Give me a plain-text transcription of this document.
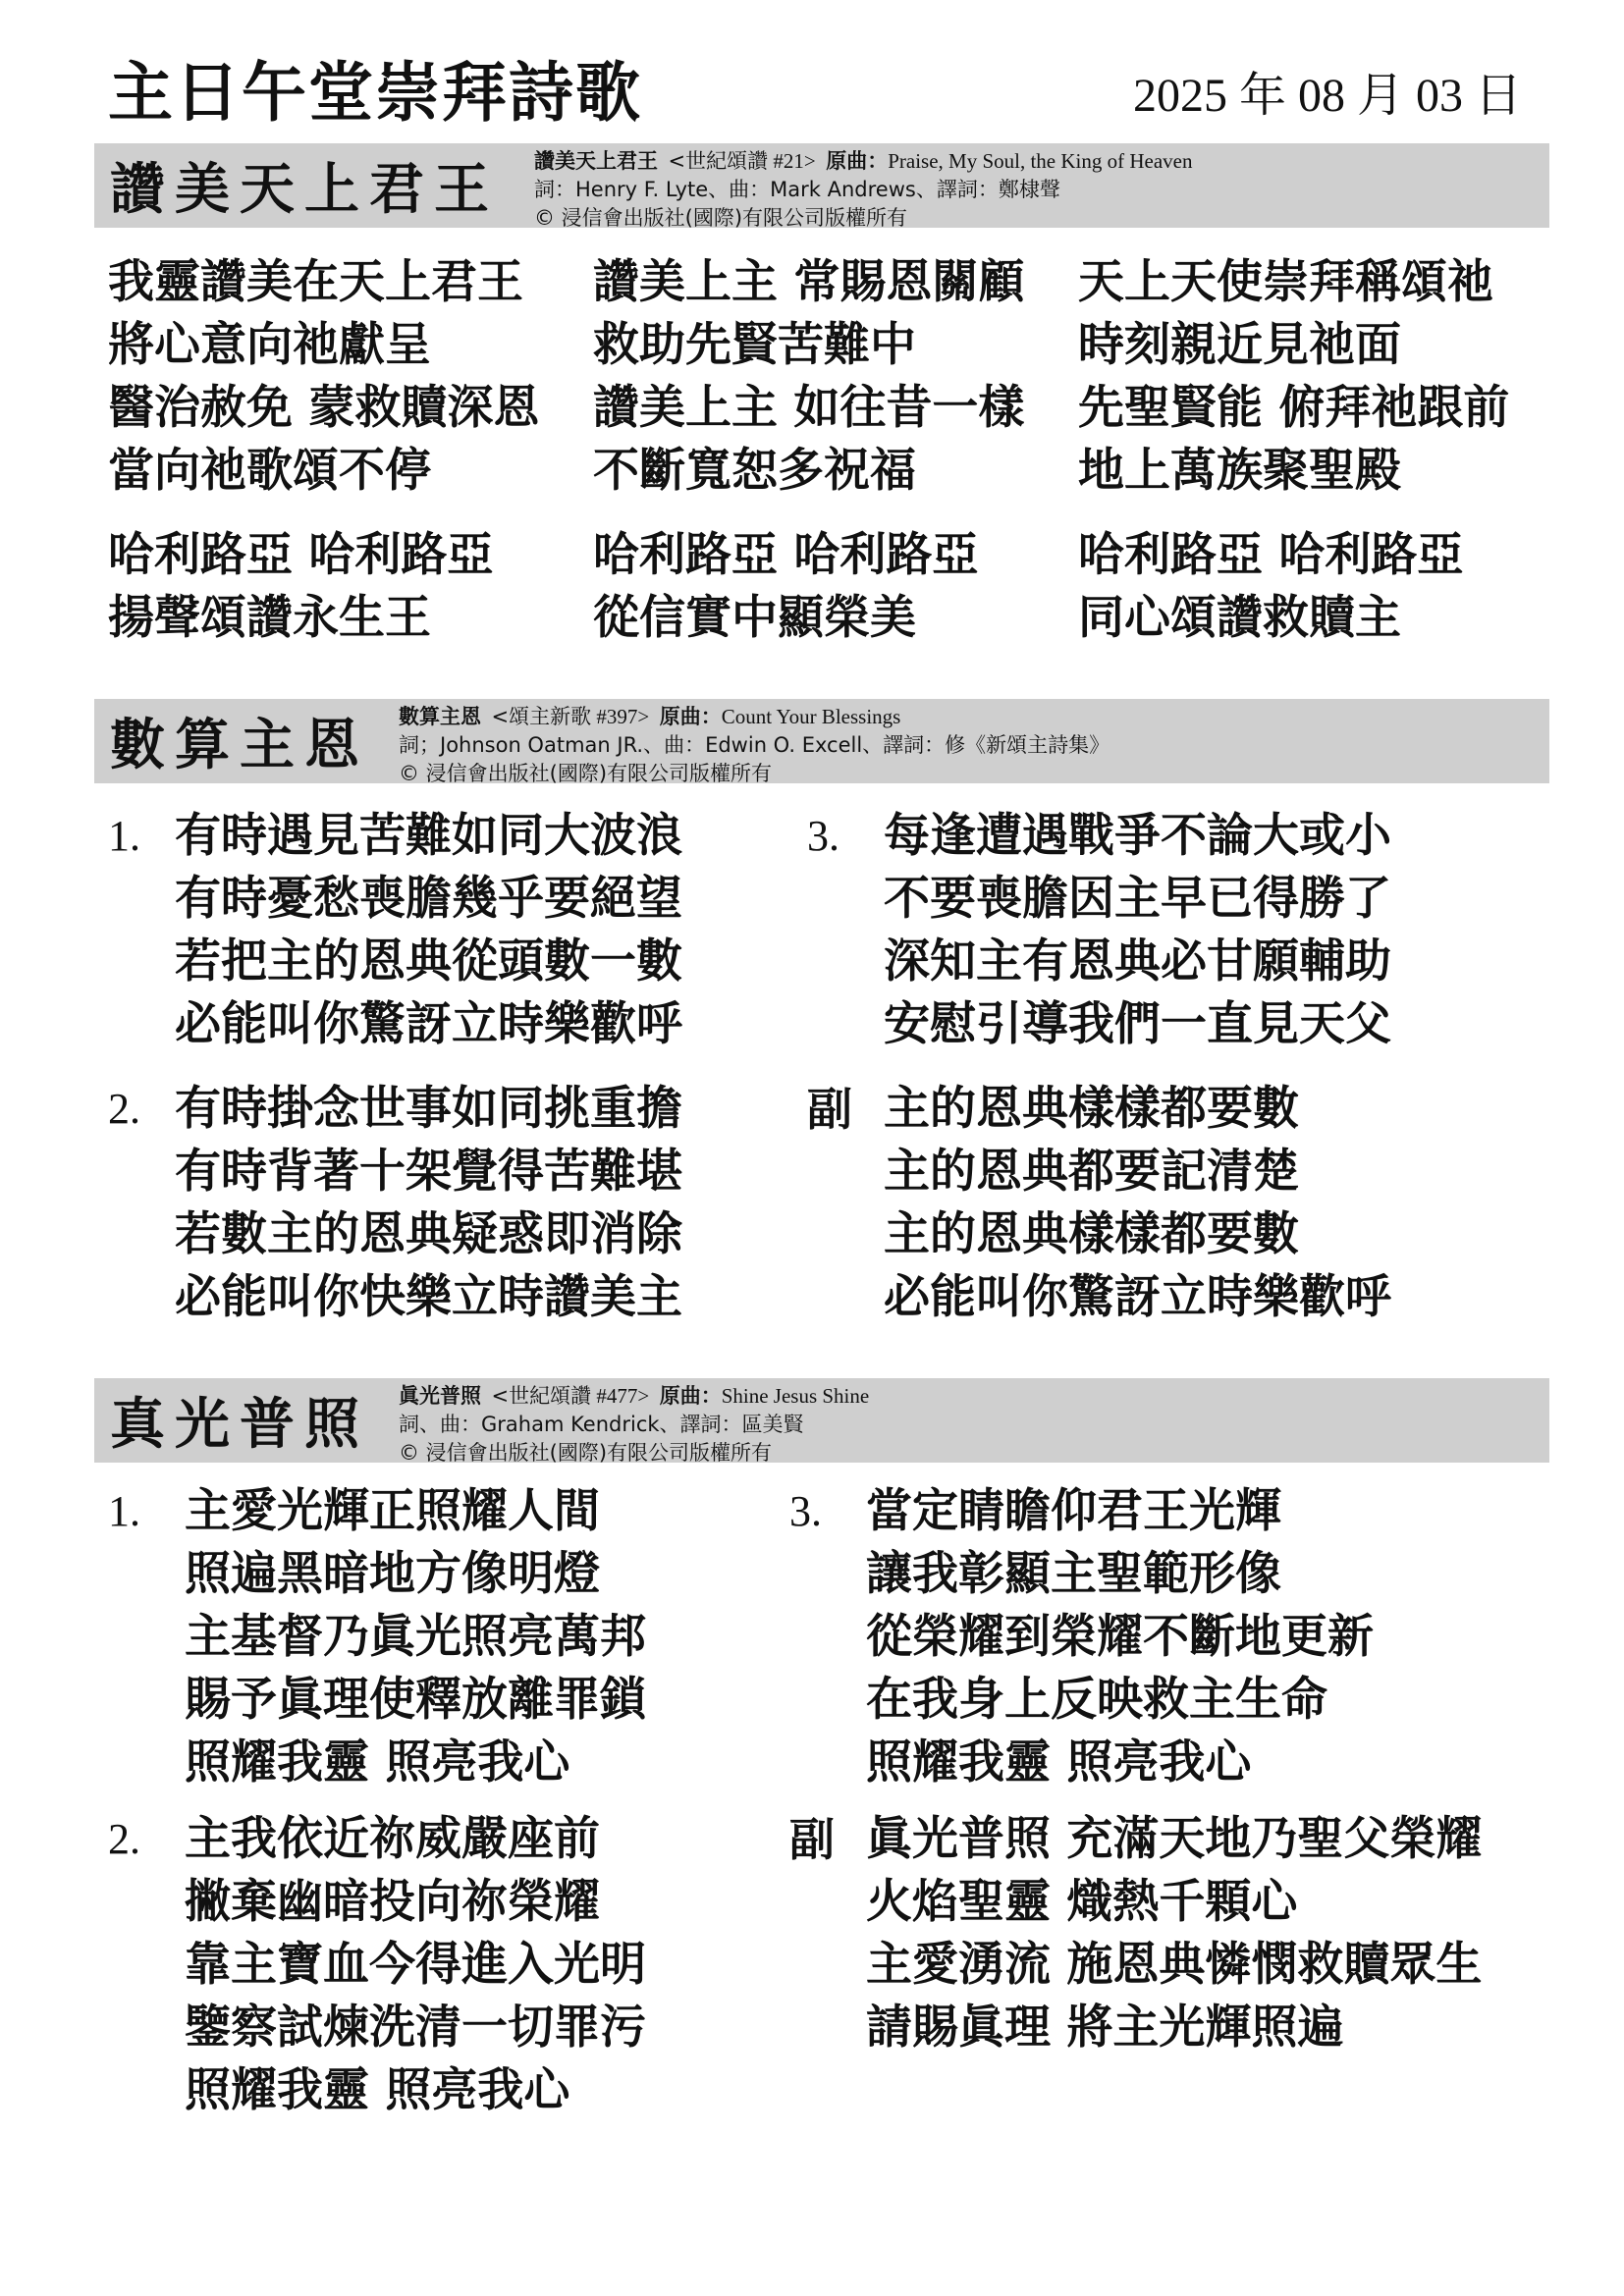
主日午堂崇拜詩歌	2025 年 08 月 03 日
讚美天上君王 讚美天上君王 <世紀頌讚 #21> 原曲：Praise, My Soul, the King of Heaven
詞：Henry F. Lyte、曲：Mark Andrews、譯詞：鄭棣聲
© 浸信會出版社(國際)有限公司版權所有
我靈讚美在天上君王
將心意向祂獻呈
醫治赦免 蒙救贖深恩
當向祂歌頌不停
讚美上主 常賜恩關顧
救助先賢苦難中
讚美上主 如往昔一樣
不斷寬恕多祝福
天上天使崇拜稱頌祂
時刻親近見祂面
先聖賢能 俯拜祂跟前
地上萬族聚聖殿
哈利路亞 哈利路亞
揚聲頌讚永生王
哈利路亞 哈利路亞
從信實中顯榮美
哈利路亞 哈利路亞
同心頌讚救贖主
數算主恩 數算主恩 <頌主新歌 #397> 原曲：Count Your Blessings
詞；Johnson Oatman JR.、曲：Edwin O. Excell、譯詞：修《新頌主詩集》
© 浸信會出版社(國際)有限公司版權所有
1. 有時遇見苦難如同大波浪
有時憂愁喪膽幾乎要絕望
若把主的恩典從頭數一數
必能叫你驚訝立時樂歡呼
2. 有時掛念世事如同挑重擔
有時背著十架覺得苦難堪
若數主的恩典疑惑即消除
必能叫你快樂立時讚美主
3. 每逢遭遇戰爭不論大或小
不要喪膽因主早已得勝了
深知主有恩典必甘願輔助
安慰引導我們一直見天父
副 主的恩典樣樣都要數
主的恩典都要記清楚
主的恩典樣樣都要數
必能叫你驚訝立時樂歡呼
真光普照 眞光普照 <世紀頌讚 #477> 原曲：Shine Jesus Shine
詞、曲：Graham Kendrick、譯詞：區美賢
© 浸信會出版社(國際)有限公司版權所有
1. 主愛光輝正照耀人間
照遍黑暗地方像明燈
主基督乃眞光照亮萬邦
賜予眞理使釋放離罪鎖
照耀我靈 照亮我心
2. 主我依近祢威嚴座前
撇棄幽暗投向祢榮耀
靠主寶血今得進入光明
鑒察試煉洗清一切罪污
照耀我靈 照亮我心
3. 當定睛瞻仰君王光輝
讓我彰顯主聖範形像
從榮耀到榮耀不斷地更新
在我身上反映救主生命
照耀我靈 照亮我心
副 眞光普照 充滿天地乃聖父榮耀
火焰聖靈 熾熱千顆心
主愛湧流 施恩典憐憫救贖眾生
請賜眞理 將主光輝照遍
